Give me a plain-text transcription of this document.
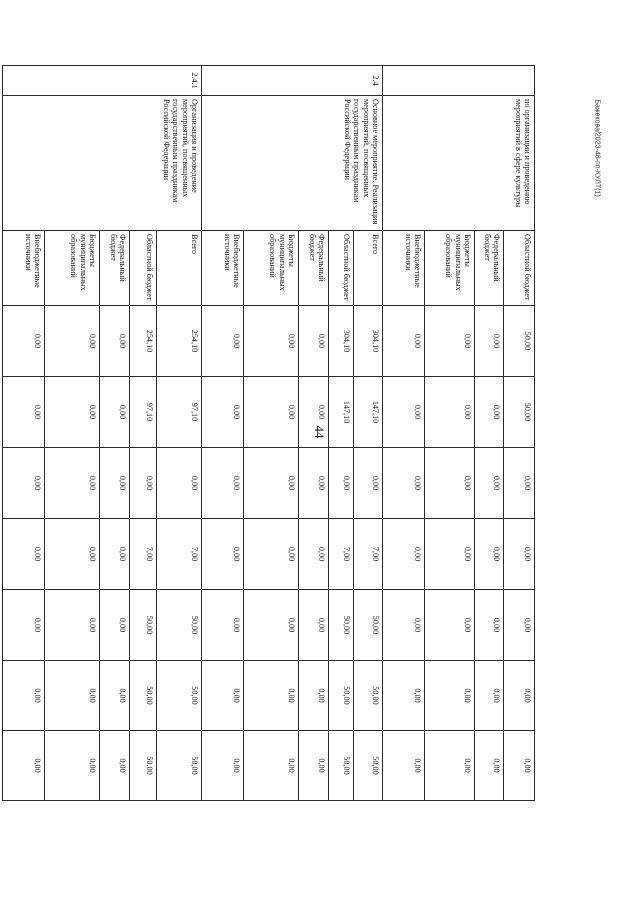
44
Бажекова/2023-48-пп-КУЛТ(1)
	по организации и проведению мероприятий в сфере культуры	Областной бюджет	50,00	50,00	0,00	0,00	0,00	0,00	0,00
		Федеральный бюджет	0,00	0,00	0,00	0,00	0,00	0,00	0,00
		Бюджеты муниципальных образований	0,00	0,00	0,00	0,00	0,00	0,00	0,00
		Внебюджетные источники	0,00	0,00	0,00	0,00	0,00	0,00	0,00
2.4	Основное мероприятие. Реализация мероприятий, посвященных государственным праздникам Российской Федерации	Всего	304,10	147,10	0,00	7,00	50,00	50,00	50,00
		Областной бюджет	304,10	147,10	0,00	7,00	50,00	50,00	50,00
		Федеральный бюджет	0,00	0,00	0,00	0,00	0,00	0,00	0,00
		Бюджеты муниципальных образований	0,00	0,00	0,00	0,00	0,00	0,00	0,00
		Внебюджетные источники	0,00	0,00	0,00	0,00	0,00	0,00	0,00
2.4.1	Организация и проведение мероприятий, посвященных государственным праздникам Российской Федерации	Всего	254,10	97,10	0,00	7,00	50,00	50,00	50,00
		Областной бюджет	254,10	97,10	0,00	7,00	50,00	50,00	50,00
		Федеральный бюджет	0,00	0,00	0,00	0,00	0,00	0,00	0,00
		Бюджеты муниципальных образований	0,00	0,00	0,00	0,00	0,00	0,00	0,00
		Внебюджетные источники	0,00	0,00	0,00	0,00	0,00	0,00	0,00
